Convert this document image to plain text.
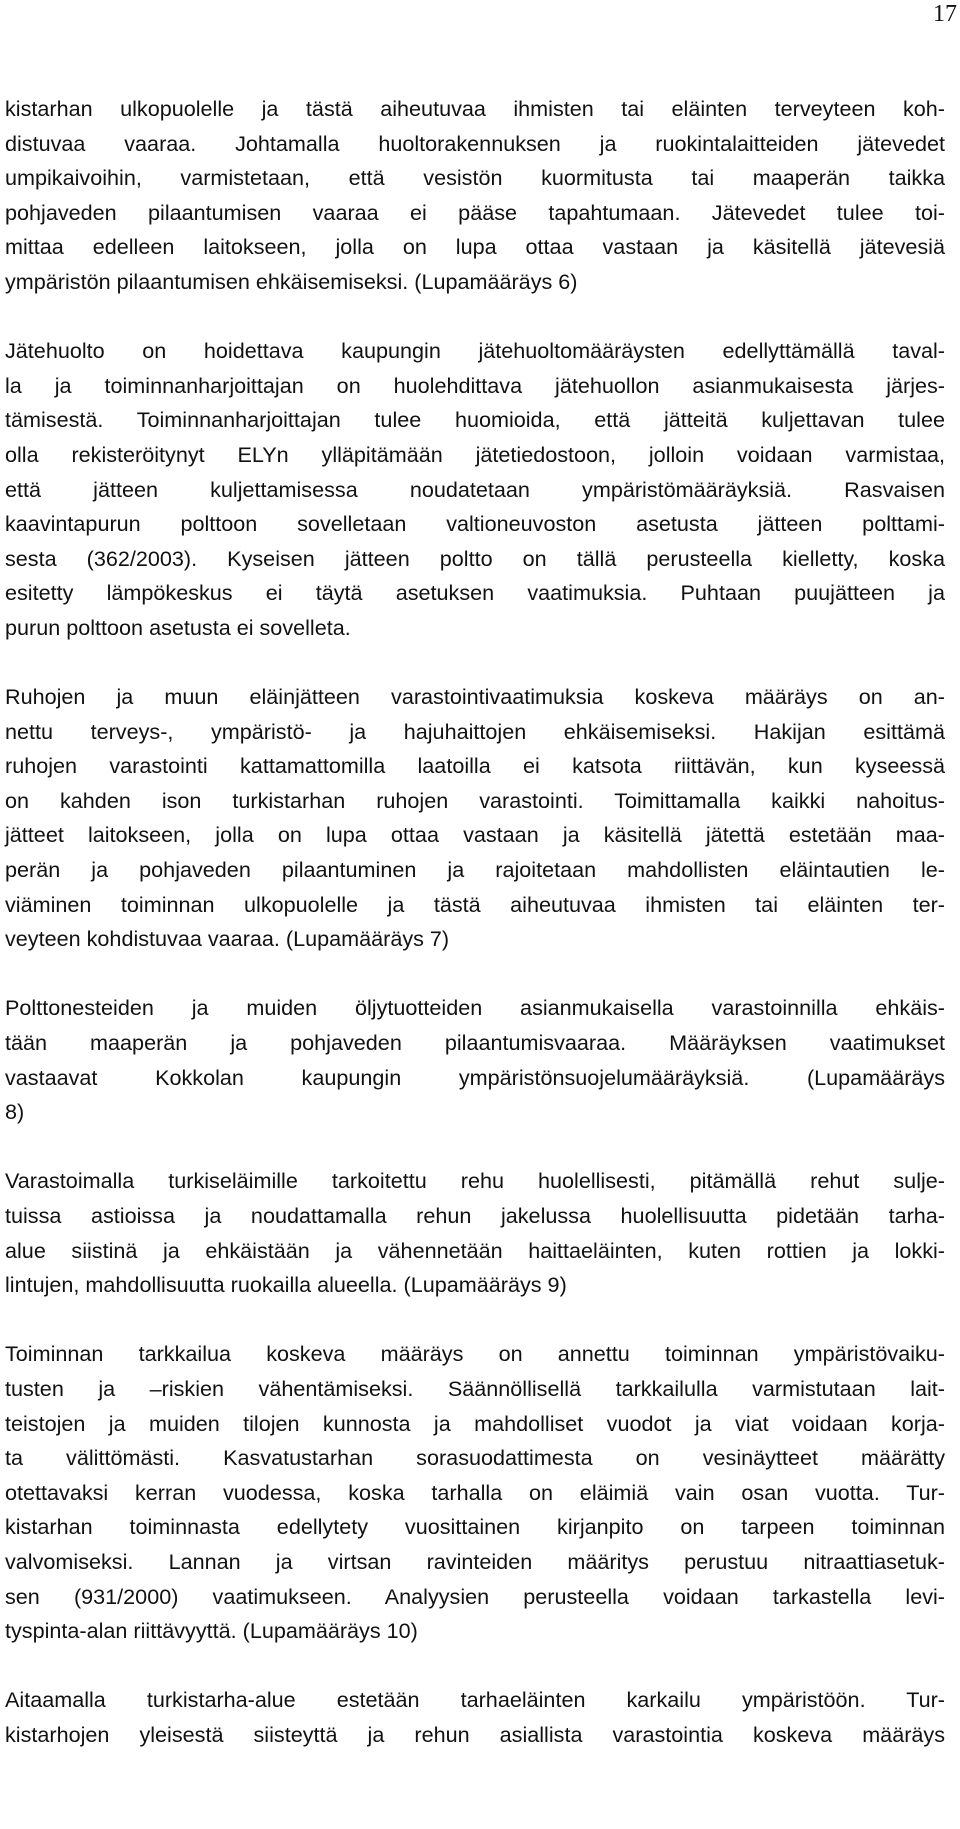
17
kistarhan ulkopuolelle ja tästä aiheutuvaa ihmisten tai eläinten terveyteen koh-
distuvaa vaaraa. Johtamalla huoltorakennuksen ja ruokintalaitteiden jätevedet
umpikaivoihin, varmistetaan, että vesistön kuormitusta tai maaperän taikka
pohjaveden pilaantumisen vaaraa ei pääse tapahtumaan. Jätevedet tulee toi-
mittaa edelleen laitokseen, jolla on lupa ottaa vastaan ja käsitellä jätevesiä
ympäristön pilaantumisen ehkäisemiseksi. (Lupamääräys 6)
Jätehuolto on hoidettava kaupungin jätehuoltomääräysten edellyttämällä taval-
la ja toiminnanharjoittajan on huolehdittava jätehuollon asianmukaisesta järjes-
tämisestä. Toiminnanharjoittajan tulee huomioida, että jätteitä kuljettavan tulee
olla rekisteröitynyt ELYn ylläpitämään jätetiedostoon, jolloin voidaan varmistaa,
että jätteen kuljettamisessa noudatetaan ympäristömääräyksiä. Rasvaisen
kaavintapurun polttoon sovelletaan valtioneuvoston asetusta jätteen polttami-
sesta (362/2003). Kyseisen jätteen poltto on tällä perusteella kielletty, koska
esitetty lämpökeskus ei täytä asetuksen vaatimuksia. Puhtaan puujätteen ja
purun polttoon asetusta ei sovelleta.
Ruhojen ja muun eläinjätteen varastointivaatimuksia koskeva määräys on an-
nettu terveys-, ympäristö- ja hajuhaittojen ehkäisemiseksi. Hakijan esittämä
ruhojen varastointi kattamattomilla laatoilla ei katsota riittävän, kun kyseessä
on kahden ison turkistarhan ruhojen varastointi. Toimittamalla kaikki nahoitus-
jätteet laitokseen, jolla on lupa ottaa vastaan ja käsitellä jätettä estetään maa-
perän ja pohjaveden pilaantuminen ja rajoitetaan mahdollisten eläintautien le-
viäminen toiminnan ulkopuolelle ja tästä aiheutuvaa ihmisten tai eläinten ter-
veyteen kohdistuvaa vaaraa. (Lupamääräys 7)
Polttonesteiden ja muiden öljytuotteiden asianmukaisella varastoinnilla ehkäis-
tään maaperän ja pohjaveden pilaantumisvaaraa. Määräyksen vaatimukset
vastaavat Kokkolan kaupungin ympäristönsuojelumääräyksiä. (Lupamääräys
8)
Varastoimalla turkiseläimille tarkoitettu rehu huolellisesti, pitämällä rehut sulje-
tuissa astioissa ja noudattamalla rehun jakelussa huolellisuutta pidetään tarha-
alue siistinä ja ehkäistään ja vähennetään haittaeläinten, kuten rottien ja lokki-
lintujen, mahdollisuutta ruokailla alueella. (Lupamääräys 9)
Toiminnan tarkkailua koskeva määräys on annettu toiminnan ympäristövaiku-
tusten ja –riskien vähentämiseksi. Säännöllisellä tarkkailulla varmistutaan lait-
teistojen ja muiden tilojen kunnosta ja mahdolliset vuodot ja viat voidaan korja-
ta välittömästi. Kasvatustarhan sorasuodattimesta on vesinäytteet määrätty
otettavaksi kerran vuodessa, koska tarhalla on eläimiä vain osan vuotta. Tur-
kistarhan toiminnasta edellytety vuosittainen kirjanpito on tarpeen toiminnan
valvomiseksi. Lannan ja virtsan ravinteiden määritys perustuu nitraattiasetuk-
sen (931/2000) vaatimukseen. Analyysien perusteella voidaan tarkastella levi-
tyspinta-alan riittävyyttä. (Lupamääräys 10)
Aitaamalla turkistarha-alue estetään tarhaeläinten karkailu ympäristöön. Tur-
kistarhojen yleisestä siisteyttä ja rehun asiallista varastointia koskeva määräys
